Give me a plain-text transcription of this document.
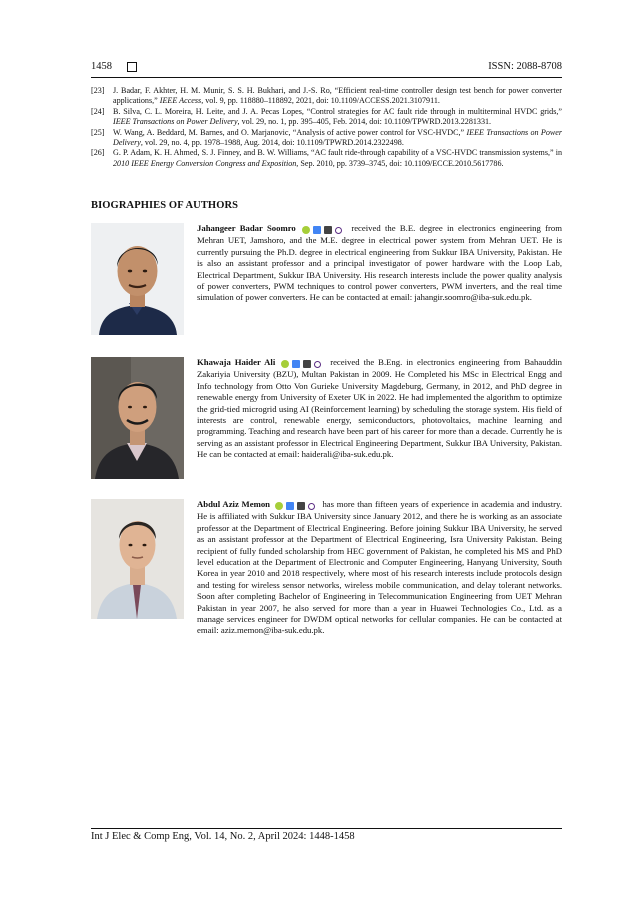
1458	ISSN: 2088-8708
[23] J. Badar, F. Akhter, H. M. Munir, S. S. H. Bukhari, and J.-S. Ro, “Efficient real-time controller design test bench for power converter applications,” IEEE Access, vol. 9, pp. 118880–118892, 2021, doi: 10.1109/ACCESS.2021.3107911.
[24] B. Silva, C. L. Moreira, H. Leite, and J. A. Pecas Lopes, “Control strategies for AC fault ride through in multiterminal HVDC grids,” IEEE Transactions on Power Delivery, vol. 29, no. 1, pp. 395–405, Feb. 2014, doi: 10.1109/TPWRD.2013.2281331.
[25] W. Wang, A. Beddard, M. Barnes, and O. Marjanovic, “Analysis of active power control for VSC-HVDC,” IEEE Transactions on Power Delivery, vol. 29, no. 4, pp. 1978–1988, Aug. 2014, doi: 10.1109/TPWRD.2014.2322498.
[26] G. P. Adam, K. H. Ahmed, S. J. Finney, and B. W. Williams, “AC fault ride-through capability of a VSC-HVDC transmission systems,” in 2010 IEEE Energy Conversion Congress and Exposition, Sep. 2010, pp. 3739–3745, doi: 10.1109/ECCE.2010.5617786.
BIOGRAPHIES OF AUTHORS
Jahangeer Badar Soomro	received the B.E. degree in electronics engineering from Mehran UET, Jamshoro, and the M.E. degree in electrical power system from Mehran UET. He is currently pursuing the Ph.D. degree in electrical engineering from Sukkur IBA University, Pakistan. He is also an assistant professor and a principal investigator of power hardware with the Loop Lab, Electrical Department, Sukkur IBA University. His research interests include the power quality analysis of power converters, PWM techniques to control power converters, PWM inverters, and the real time simulation of power converters. He can be contacted at email: jahangir.soomro@iba-suk.edu.pk.
Khawaja Haider Ali	received the B.Eng. in electronics engineering from Bahauddin Zakariyia University (BZU), Multan Pakistan in 2009. He Completed his MSc in Electrical Engg and Info technology from Otto Von Gurieke University Magdeburg, Germany, in 2012, and PhD degree in renewable energy from University of Exeter UK in 2022. He had implemented the algorithm to optimize the grid-tied microgrid using AI (Reinforcement learning) by scheduling the storage system. His field of interests are control, renewable energy, semiconductors, photovoltaics, machine learning and programming. Teaching and research have been part of his career for more than a decade. Currently he is serving as an assistant professor in Electrical Engineering Department, Sukkur IBA University, Pakistan. He can be contacted at email: haiderali@iba-suk.edu.pk.
Abdul Aziz Memon	has more than fifteen years of experience in academia and industry. He is affiliated with Sukkur IBA University since January 2012, and there he is working as an associate professor at the Department of Electrical Engineering. Before joining Sukkur IBA University, he served as an assistant professor at the Department of Electrical Engineering, Isra University Pakistan. Being recipient of fully funded scholarship from HEC government of Pakistan, he completed his MS and PhD level education at the Department of Electronic and Computer Engineering, Hanyang University, South Korea in year 2010 and 2018 respectively, where most of his research interests include protocols design and testing for wireless sensor networks, wireless mobile communication, and delay tolerant networks. Soon after completing Bachelor of Engineering in Telecommunication Engineering from UET Mehran Pakistan in year 2007, he also served for more than a year in Huawei Technologies Co., Ltd. as a manage services engineer for DWDM optical networks for cellular companies. He can be contacted at email: aziz.memon@iba-suk.edu.pk.
Int J Elec & Comp Eng, Vol. 14, No. 2, April 2024: 1448-1458
